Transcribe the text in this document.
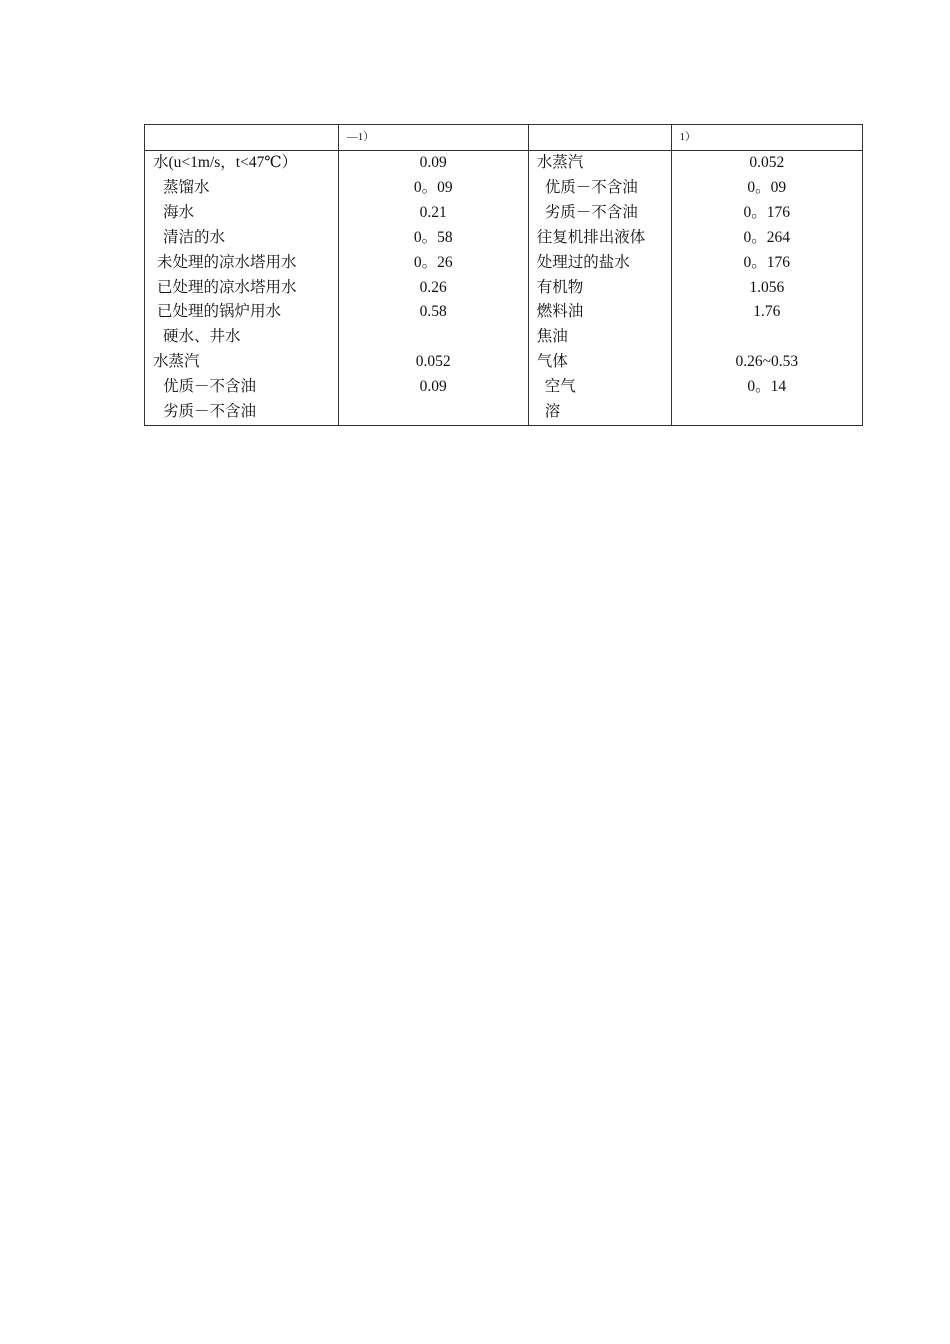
	—1）		1）
水(u<1m/s，t<47℃）	0.09	水蒸汽	0.052
蒸馏水	0。09	优质－不含油	0。09
海水	0.21	劣质－不含油	0。176
清洁的水	0。58	往复机排出液体	0。264
未处理的凉水塔用水	0。26	处理过的盐水	0。176
已处理的凉水塔用水	0.26	有机物	1.056
已处理的锅炉用水	0.58	燃料油	1.76
硬水、井水		焦油	
水蒸汽	0.052	气体	0.26~0.53
优质－不含油	0.09	空气	0。14
劣质－不含油		溶	
